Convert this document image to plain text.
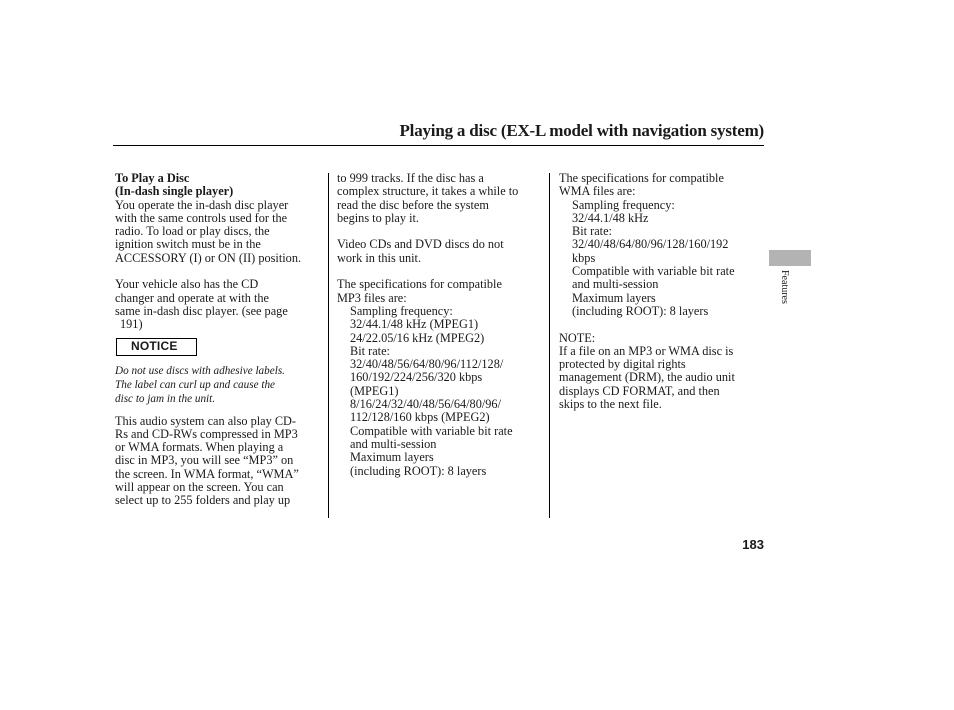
Playing a disc (EX-L model with navigation system)
To Play a Disc
(In-dash single player)
You operate the in-dash disc player
with the same controls used for the
radio. To load or play discs, the
ignition switch must be in the
ACCESSORY (I) or ON (II) position.
Your vehicle also has the CD
changer and operate at with the
same in-dash disc player. (see page
191)
NOTICE
Do not use discs with adhesive labels.
The label can curl up and cause the
disc to jam in the unit.
This audio system can also play CD-
Rs and CD-RWs compressed in MP3
or WMA formats. When playing a
disc in MP3, you will see “MP3” on
the screen. In WMA format, “WMA”
will appear on the screen. You can
select up to 255 folders and play up
to 999 tracks. If the disc has a
complex structure, it takes a while to
read the disc before the system
begins to play it.
Video CDs and DVD discs do not
work in this unit.
The specifications for compatible
MP3 files are:
Sampling frequency:
32/44.1/48 kHz (MPEG1)
24/22.05/16 kHz (MPEG2)
Bit rate:
32/40/48/56/64/80/96/112/128/
160/192/224/256/320 kbps
(MPEG1)
8/16/24/32/40/48/56/64/80/96/
112/128/160 kbps (MPEG2)
Compatible with variable bit rate
and multi-session
Maximum layers
(including ROOT): 8 layers
The specifications for compatible
WMA files are:
Sampling frequency:
32/44.1/48 kHz
Bit rate:
32/40/48/64/80/96/128/160/192
kbps
Compatible with variable bit rate
and multi-session
Maximum layers
(including ROOT): 8 layers
NOTE:
If a file on an MP3 or WMA disc is
protected by digital rights
management (DRM), the audio unit
displays CD FORMAT, and then
skips to the next file.
Features
183
